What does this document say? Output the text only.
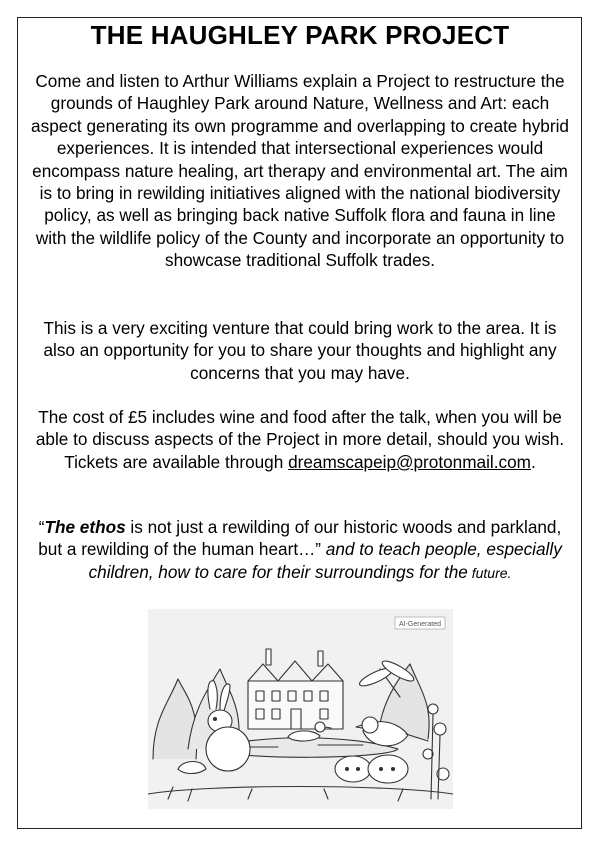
THE HAUGHLEY PARK PROJECT

Come and listen to Arthur Williams explain a Project to restructure the grounds of Haughley Park around Nature, Wellness and Art: each aspect generating its own programme and overlapping to create hybrid experiences. It is intended that intersectional experiences would encompass nature healing, art therapy and environmental art. The aim is to bring in rewilding initiatives aligned with the national biodiversity policy, as well as bringing back native Suffolk flora and fauna in line with the wildlife policy of the County and incorporate an opportunity to showcase traditional Suffolk trades.

This is a very exciting venture that could bring work to the area. It is also an opportunity for you to share your thoughts and highlight any concerns that you may have.

The cost of £5 includes wine and food after the talk, when you will be able to discuss aspects of the Project in more detail, should you wish. Tickets are available through dreamscapeip@protonmail.com.

“The ethos is not just a rewilding of our historic woods and parkland, but a rewilding of the human heart…” and to teach people, especially children, how to care for their surroundings for the future.

AI-Generated
